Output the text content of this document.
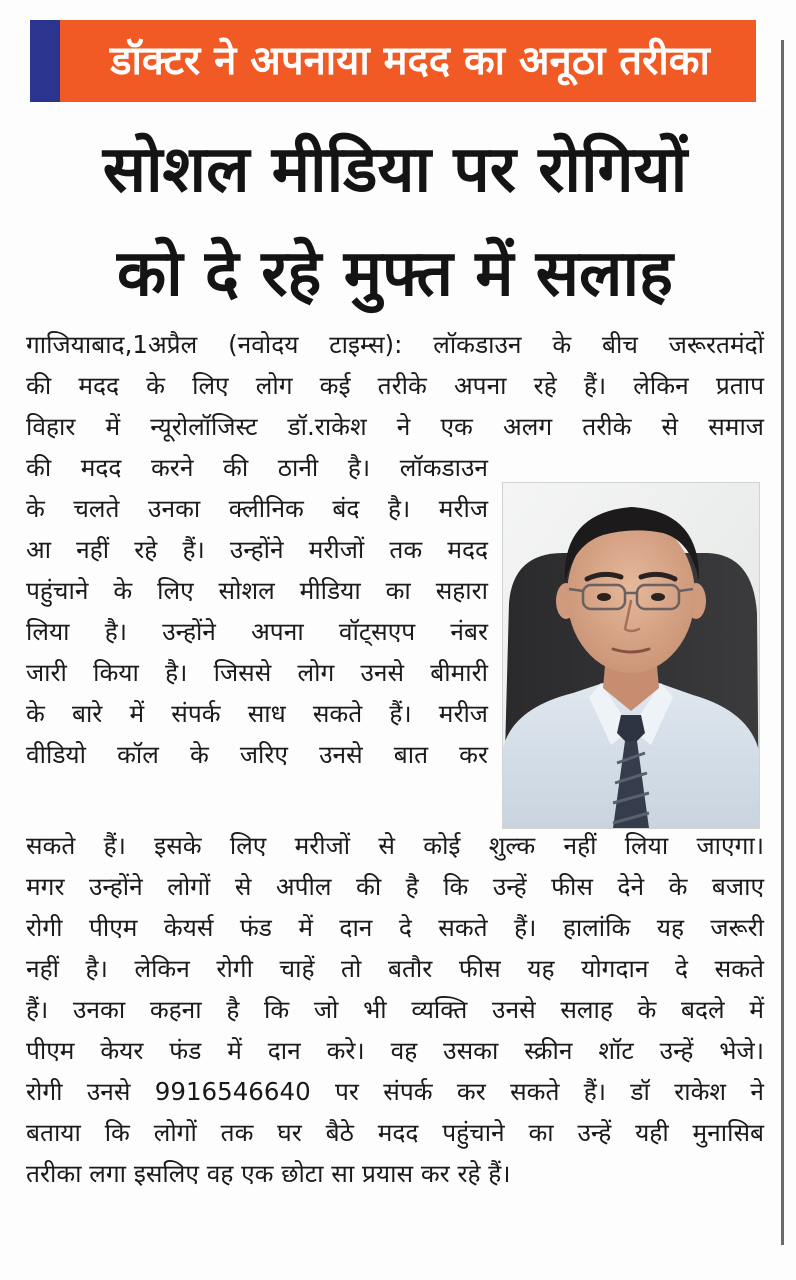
डॉक्टर ने अपनाया मदद का अनूठा तरीका
सोशल मीडिया पर रोगियों
को दे रहे मुफ्त में सलाह
गाजियाबाद,1अप्रैल (नवोदय टाइम्स): लॉकडाउन के बीच जरूरतमंदों
की मदद के लिए लोग कई तरीके अपना रहे हैं। लेकिन प्रताप
विहार में न्यूरोलॉजिस्ट डॉ.राकेश ने एक अलग तरीके से समाज
की मदद करने की ठानी है। लॉकडाउन
के चलते उनका क्लीनिक बंद है। मरीज
आ नहीं रहे हैं। उन्होंने मरीजों तक मदद
पहुंचाने के लिए सोशल मीडिया का सहारा
लिया है। उन्होंने अपना वॉट्सएप नंबर
जारी किया है। जिससे लोग उनसे बीमारी
के बारे में संपर्क साध सकते हैं। मरीज
वीडियो कॉल के जरिए उनसे बात कर
सकते हैं। इसके लिए मरीजों से कोई शुल्क नहीं लिया जाएगा।
मगर उन्होंने लोगों से अपील की है कि उन्हें फीस देने के बजाए
रोगी पीएम केयर्स फंड में दान दे सकते हैं। हालांकि यह जरूरी
नहीं है। लेकिन रोगी चाहें तो बतौर फीस यह योगदान दे सकते
हैं। उनका कहना है कि जो भी व्यक्ति उनसे सलाह के बदले में
पीएम केयर फंड में दान करे। वह उसका स्क्रीन शॉट उन्हें भेजे।
रोगी उनसे 9916546640 पर संपर्क कर सकते हैं। डॉ राकेश ने
बताया कि लोगों तक घर बैठे मदद पहुंचाने का उन्हें यही मुनासिब
तरीका लगा इसलिए वह एक छोटा सा प्रयास कर रहे हैं।
